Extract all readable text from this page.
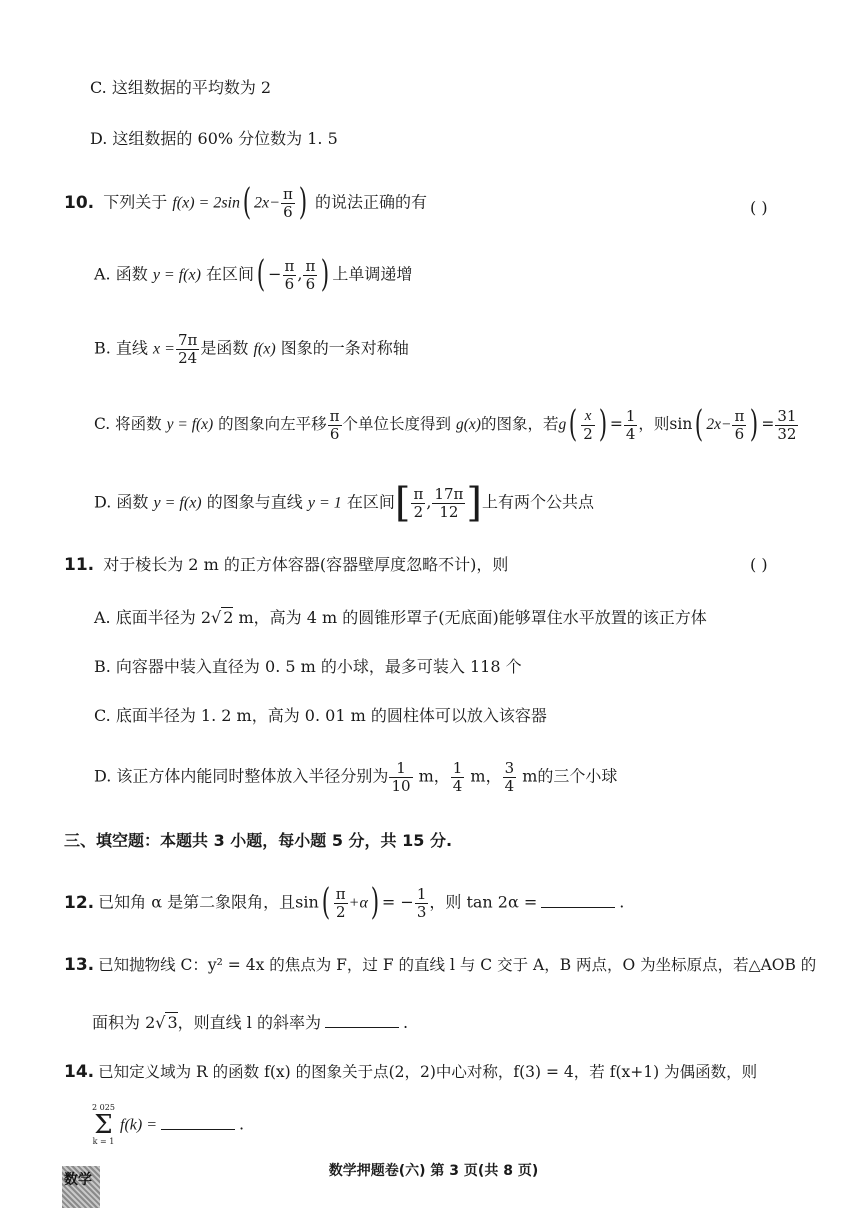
C. 这组数据的平均数为 2
D. 这组数据的 60% 分位数为 1. 5
10. 下列关于 f(x) = 2sin( $2x- \frac{\pi}{6}$ ) 的说法正确的有	( )
A. 函数 y = f(x) 在区间( − $\frac{\pi}{6}$ , $\frac{\pi}{6}$ ) 上单调递增
B. 直线 $x = \frac{7\pi}{24}$ 是函数 f(x) 图象的一条对称轴
C. 将函数 y = f(x) 的图象向左平移 $\frac{\pi}{6}$ 个单位长度得到 g(x)的图象，若$g( \frac{x}{2}$ ) = $\frac{1}{4}$ ，则sin( $2x- \frac{\pi}{6}$ ) = $\frac{31}{32}$
D. 函数 y = f(x) 的图象与直线 y = 1 在区间[ $\frac{\pi}{2}$ , $\frac{17\pi}{12}$ ]上有两个公共点
11. 对于棱长为 2 m 的正方体容器(容器壁厚度忽略不计)，则	( )
A. 底面半径为 2√ 2 m，高为 4 m 的圆锥形罩子(无底面)能够罩住水平放置的该正方体
B. 向容器中装入直径为 0. 5 m 的小球，最多可装入 118 个
C. 底面半径为 1. 2 m，高为 0. 01 m 的圆柱体可以放入该容器
D. 该正方体内能同时整体放入半径分别为 $\frac{1}{10}$ m， $\frac{1}{4}$ m， $\frac{3}{4}$ m的三个小球
三、填空题：本题共 3 小题，每小题 5 分，共 15 分.
12. 已知角 α 是第二象限角，且$\sin( \frac{\pi}{2} +\alpha)$ = − $\frac{1}{3}$ ，则 tan 2α =	.
13. 已知抛物线 C：y² = 4x 的焦点为 F，过 F 的直线 l 与 C 交于 A，B 两点，O 为坐标原点，若△AOB 的
面积为 2√ 3，则直线 l 的斜率为	.
14. 已知定义域为 R 的函数 f(x) 的图象关于点(2，2)中心对称，f(3) = 4，若 f(x+1) 为偶函数，则
2 025
Σ
k = 1
f(k) =	.
数学押题卷(六) 第 3 页(共 8 页)
数学
